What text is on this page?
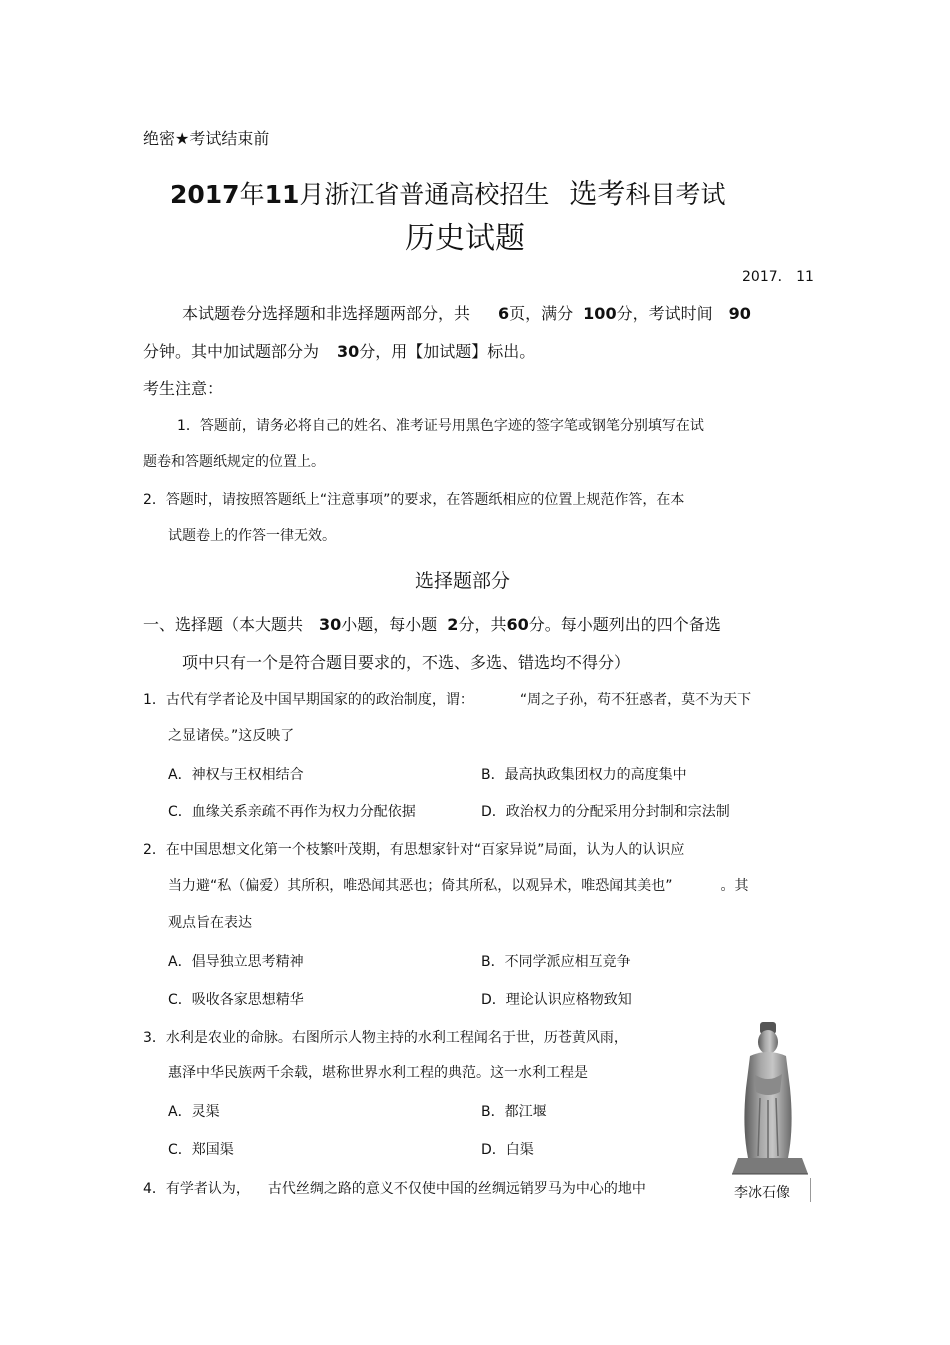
绝密★考试结束前
2017年11月浙江省普通高校招生 选考科目考试
历史试题
2017． 11
本试题卷分选择题和非选择题两部分，共 6页，满分 100分，考试时间 90
分钟。其中加试题部分为 30分，用【加试题】标出。
考生注意：
1．答题前，请务必将自己的姓名、准考证号用黑色字迹的签字笔或钢笔分别填写在试
题卷和答题纸规定的位置上。
2．答题时，请按照答题纸上“注意事项”的要求，在答题纸相应的位置上规范作答，在本
试题卷上的作答一律无效。
选择题部分
一、选择题（本大题共 30小题，每小题 2分，共60分。每小题列出的四个备选
项中只有一个是符合题目要求的，不选、多选、错选均不得分）
1．古代有学者论及中国早期国家的的政治制度，谓：	“周之子孙，苟不狂惑者，莫不为天下
之显诸侯。”这反映了
A．神权与王权相结合	B．最高执政集团权力的高度集中
C．血缘关系亲疏不再作为权力分配依据	D．政治权力的分配采用分封制和宗法制
2．在中国思想文化第一个枝繁叶茂期，有思想家针对“百家异说”局面，认为人的认识应
当力避“私（偏爱）其所积，唯恐闻其恶也；倚其所私，以观异术，唯恐闻其美也”	。其
观点旨在表达
A．倡导独立思考精神	B．不同学派应相互竞争
C．吸收各家思想精华	D．理论认识应格物致知
3．水利是农业的命脉。右图所示人物主持的水利工程闻名于世，历苍黄风雨，
惠泽中华民族两千余载，堪称世界水利工程的典范。这一水利工程是
A．灵渠	B．都江堰
C．郑国渠	D．白渠
4．有学者认为， 古代丝绸之路的意义不仅使中国的丝绸远销罗马为中心的地中	李冰石像
